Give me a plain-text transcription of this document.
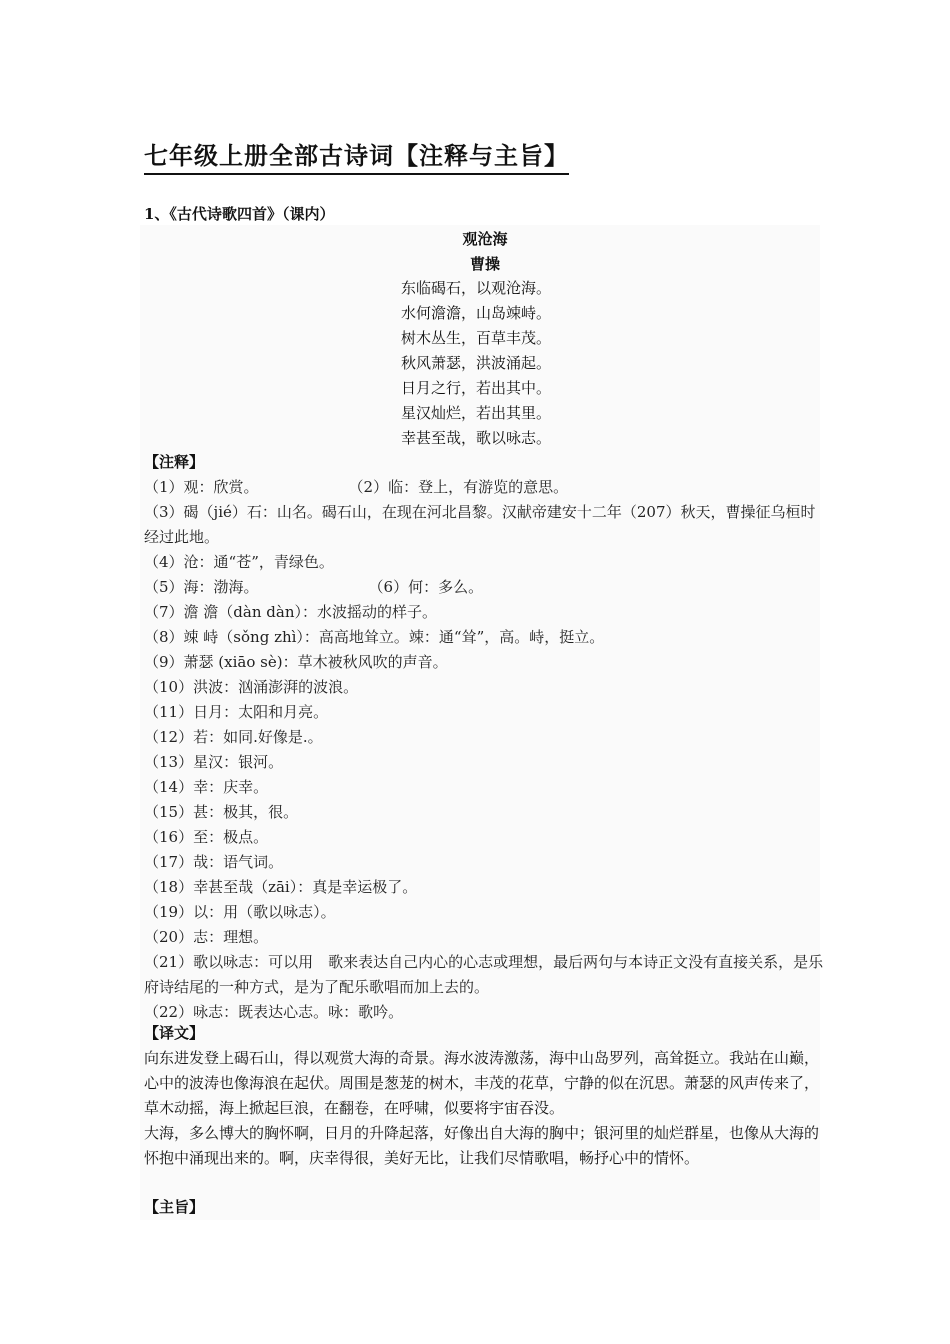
七年级上册全部古诗词【注释与主旨】
1、《古代诗歌四首》（课内）
观沧海
曹操
东临碣石，以观沧海。
水何澹澹，山岛竦峙。
树木丛生，百草丰茂。
秋风萧瑟，洪波涌起。
日月之行，若出其中。
星汉灿烂，若出其里。
幸甚至哉，歌以咏志。
【注释】
（1）观：欣赏。	（2）临：登上，有游览的意思。
（3）碣（jié）石：山名。碣石山，在现在河北昌黎。汉献帝建安十二年（207）秋天，曹操征乌桓时经过此地。
（4）沧：通“苍”，青绿色。
（5）海：渤海。	（6）何：多么。
（7）澹 澹（dàn dàn）：水波摇动的样子。
（8）竦 峙（sǒng zhì）：高高地耸立。竦：通“耸”，高。峙，挺立。
（9）萧瑟 (xiāo sè)：草木被秋风吹的声音。
（10）洪波：汹涌澎湃的波浪。
（11）日月：太阳和月亮。
（12）若：如同.好像是.。
（13）星汉：银河。
（14）幸：庆幸。
（15）甚：极其，很。
（16）至：极点。
（17）哉：语气词。
（18）幸甚至哉（zāi）：真是幸运极了。
（19）以：用（歌以咏志）。
（20）志：理想。
（21）歌以咏志：可以用　歌来表达自己内心的心志或理想，最后两句与本诗正文没有直接关系，是乐府诗结尾的一种方式，是为了配乐歌唱而加上去的。
（22）咏志：既表达心志。咏：歌吟。
【译文】

向东进发登上碣石山，得以观赏大海的奇景。海水波涛激荡，海中山岛罗列，高耸挺立。我站在山巅，心中的波涛也像海浪在起伏。周围是葱茏的树木，丰茂的花草，宁静的似在沉思。萧瑟的风声传来了，草木动摇，海上掀起巨浪，在翻卷，在呼啸，似要将宇宙吞没。

大海，多么博大的胸怀啊，日月的升降起落，好像出自大海的胸中；银河里的灿烂群星，也像从大海的怀抱中涌现出来的。啊，庆幸得很，美好无比，让我们尽情歌唱，畅抒心中的情怀。

【主旨】
